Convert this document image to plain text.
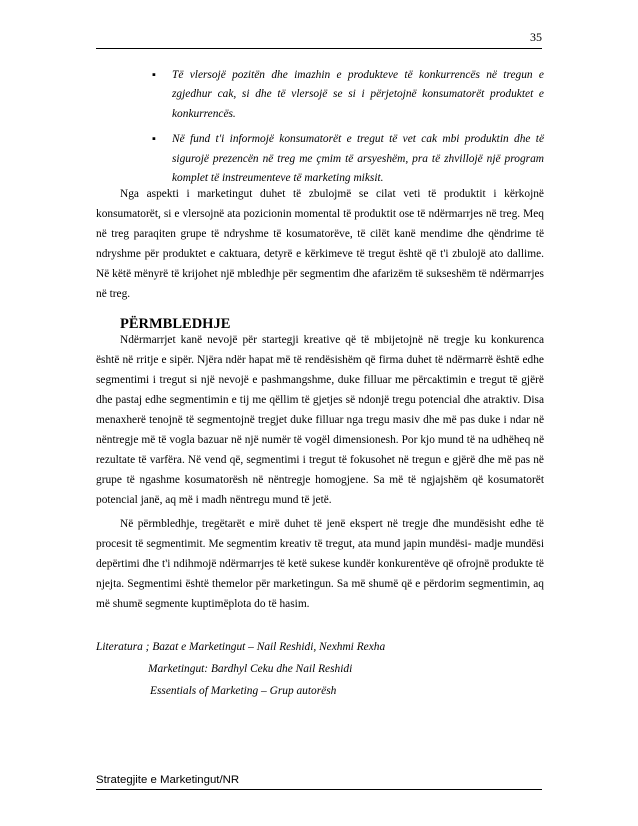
35
▪ Të vlersojë pozitën dhe imazhin e produkteve të konkurrencës në tregun e zgjedhur cak, si dhe të vlersojë se si i përjetojnë konsumatorët produktet e konkurrencës.
▪ Në fund t'i informojë konsumatorët e tregut të vet cak mbi produktin dhe të sigurojë prezencën në treg me çmim të arsyeshëm, pra të zhvillojë një program komplet të instreumenteve të marketing miksit.

Nga aspekti i marketingut duhet të zbulojmë se cilat veti të produktit i kërkojnë konsumatorët, si e vlersojnë ata pozicionin momental të produktit ose të ndërmarrjes në treg. Meq në treg paraqiten grupe të ndryshme të kosumatorëve, të cilët kanë mendime dhe qëndrime të ndryshme për produktet e caktuara, detyrë e kërkimeve të tregut është që t'i zbulojë ato dallime. Në këtë mënyrë të krijohet një mbledhje për segmentim dhe afarizëm të sukseshëm të ndërmarrjes në treg.

PËRMBLEDHJE

Ndërmarrjet kanë nevojë për startegji kreative që të mbijetojnë në tregje ku konkurenca është në rritje e sipër. Njëra ndër hapat më të rendësishëm që firma duhet të ndërmarrë është edhe segmentimi i tregut si një nevojë e pashmangshme, duke filluar me përcaktimin e tregut të gjërë dhe pastaj edhe segmentimin e tij me qëllim të gjetjes së ndonjë tregu potencial dhe atraktiv. Disa menaxherë tenojnë të segmentojnë tregjet duke filluar nga tregu masiv dhe më pas duke i ndar në nëntregje më të vogla bazuar në një numër të vogël dimensionesh. Por kjo mund të na udhëheq në rezultate të varfëra. Në vend që, segmentimi i tregut të fokusohet në tregun e gjërë dhe më pas në grupe të ngashme kosumatorësh në nëntregje homogjene. Sa më të ngjajshëm që kosumatorët potencial janë, aq më i madh nëntregu mund të jetë.

Në përmbledhje, tregëtarët e mirë duhet të jenë ekspert në tregje dhe mundësisht edhe të procesit të segmentimit. Me segmentim kreativ të tregut, ata mund japin mundësi- madje mundësi depërtimi dhe t'i ndihmojë ndërmarrjes të ketë sukese kundër konkurentëve që ofrojnë produkte të njejta. Segmentimi është themelor për marketingun. Sa më shumë që e përdorim segmentimin, aq më shumë segmente kuptimëplota do të hasim.

Literatura ; Bazat e Marketingut – Nail Reshidi, Nexhmi Rexha
Marketingut: Bardhyl Ceku dhe Nail Reshidi
Essentials of Marketing – Grup autorësh
Strategjite e Marketingut/NR
